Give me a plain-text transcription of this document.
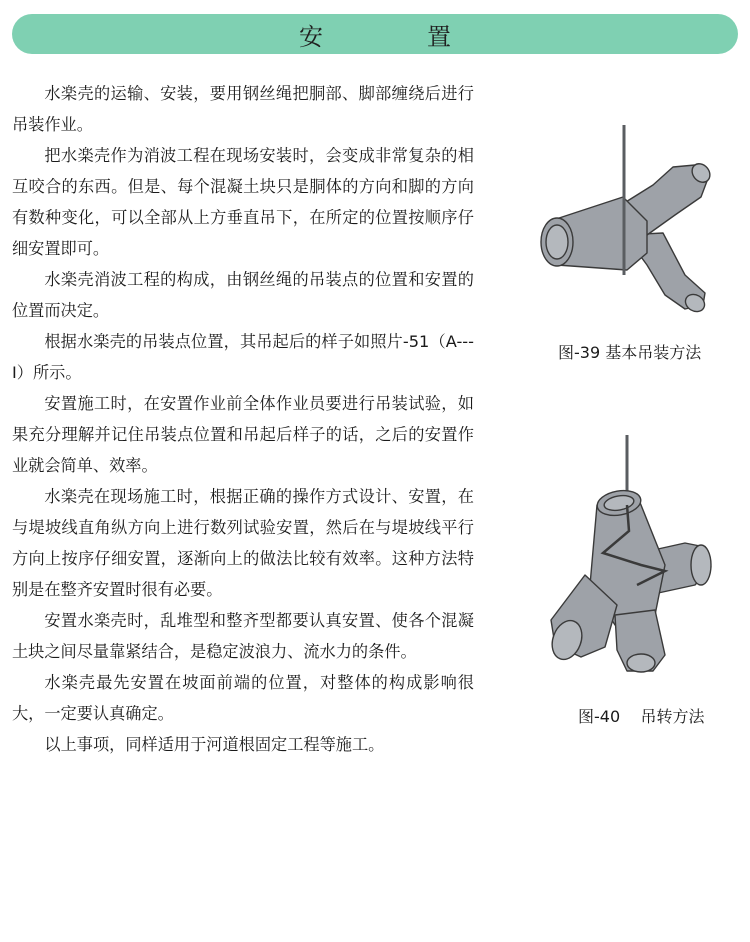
安　置

水楽壳的运输、安装，要用钢丝绳把胴部、脚部缠绕后进行吊装作业。

把水楽壳作为消波工程在现场安装时，会变成非常复杂的相互咬合的东西。但是、每个混凝土块只是胴体的方向和脚的方向有数种变化，可以全部从上方垂直吊下，在所定的位置按顺序仔细安置即可。

水楽壳消波工程的构成，由钢丝绳的吊装点的位置和安置的位置而决定。

根据水楽壳的吊装点位置，其吊起后的样子如照片-51（A---I）所示。

安置施工时，在安置作业前全体作业员要进行吊装试验，如果充分理解并记住吊装点位置和吊起后样子的话，之后的安置作业就会简单、效率。

水楽壳在现场施工时，根据正确的操作方式设计、安置，在与堤坡线直角纵方向上进行数列试验安置，然后在与堤坡线平行方向上按序仔细安置，逐渐向上的做法比较有效率。这种方法特别是在整齐安置时很有必要。

安置水楽壳时，乱堆型和整齐型都要认真安置、使各个混凝土块之间尽量靠紧结合，是稳定波浪力、流水力的条件。

水楽壳最先安置在坡面前端的位置，对整体的构成影响很大，一定要认真确定。

以上事项，同样适用于河道根固定工程等施工。

图-39 基本吊装方法
图-40    吊转方法
